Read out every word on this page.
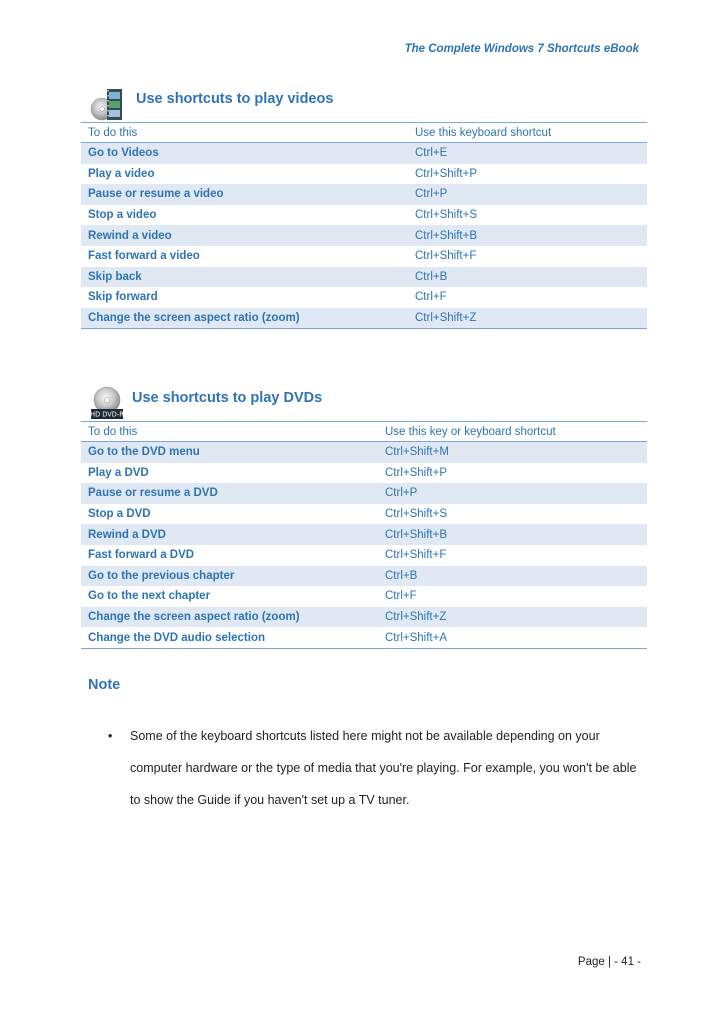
The Complete Windows 7 Shortcuts eBook
Use shortcuts to play videos
To do this	Use this keyboard shortcut
Go to Videos	Ctrl+E
Play a video	Ctrl+Shift+P
Pause or resume a video	Ctrl+P
Stop a video	Ctrl+Shift+S
Rewind a video	Ctrl+Shift+B
Fast forward a video	Ctrl+Shift+F
Skip back	Ctrl+B
Skip forward	Ctrl+F
Change the screen aspect ratio (zoom)	Ctrl+Shift+Z
HD DVD-R
Use shortcuts to play DVDs
To do this	Use this key or keyboard shortcut
Go to the DVD menu	Ctrl+Shift+M
Play a DVD	Ctrl+Shift+P
Pause or resume a DVD	Ctrl+P
Stop a DVD	Ctrl+Shift+S
Rewind a DVD	Ctrl+Shift+B
Fast forward a DVD	Ctrl+Shift+F
Go to the previous chapter	Ctrl+B
Go to the next chapter	Ctrl+F
Change the screen aspect ratio (zoom)	Ctrl+Shift+Z
Change the DVD audio selection	Ctrl+Shift+A
Note
• Some of the keyboard shortcuts listed here might not be available depending on your computer hardware or the type of media that you're playing. For example, you won't be able to show the Guide if you haven't set up a TV tuner.
Page | - 41 -
